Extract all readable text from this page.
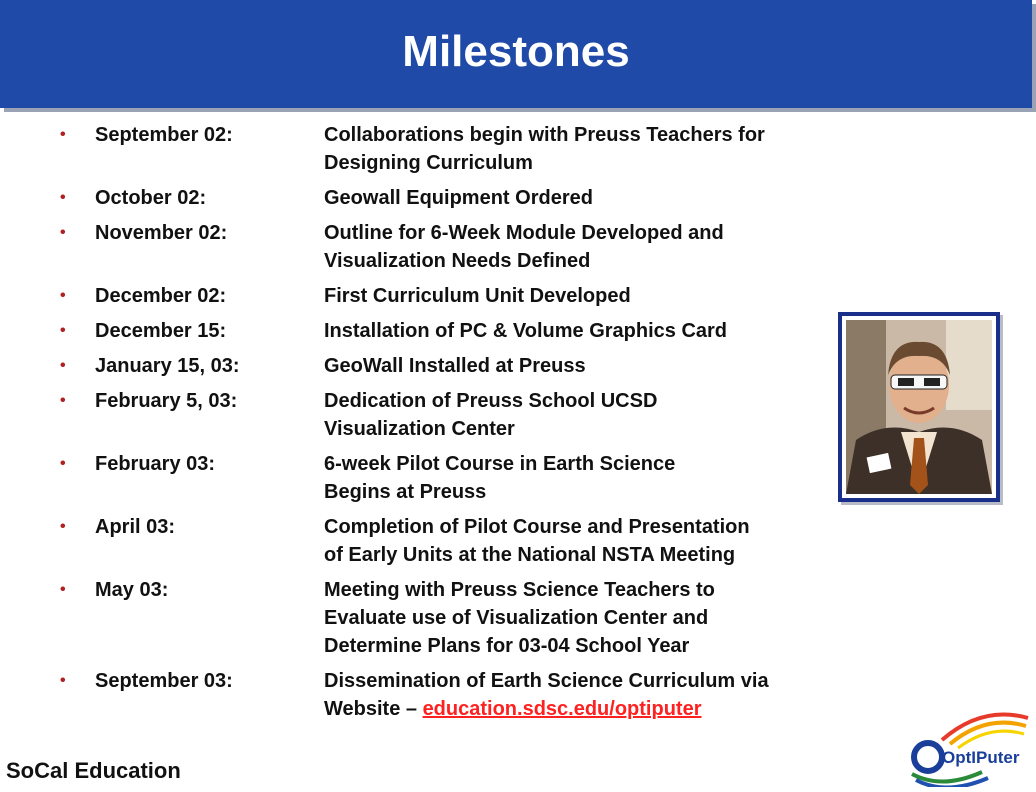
Milestones
• September 02:	Collaborations begin with Preuss Teachers for
Designing Curriculum
• October 02:	Geowall Equipment Ordered
• November 02:	Outline for 6-Week Module Developed and
Visualization Needs Defined
• December 02:	First Curriculum Unit Developed
• December 15:	Installation of PC & Volume Graphics Card
• January 15, 03:	GeoWall Installed at Preuss
• February 5, 03:	Dedication of Preuss School UCSD
Visualization Center
• February 03:	6-week Pilot Course in Earth Science
Begins at Preuss
• April 03:	Completion of Pilot Course and Presentation
of Early Units at the National NSTA Meeting
• May 03:	Meeting with Preuss Science Teachers to
Evaluate use of Visualization Center and
Determine Plans for 03-04 School Year
• September 03:	Dissemination of Earth Science Curriculum via
Website – education.sdsc.edu/optiputer
SoCal Education
OptIPuter
